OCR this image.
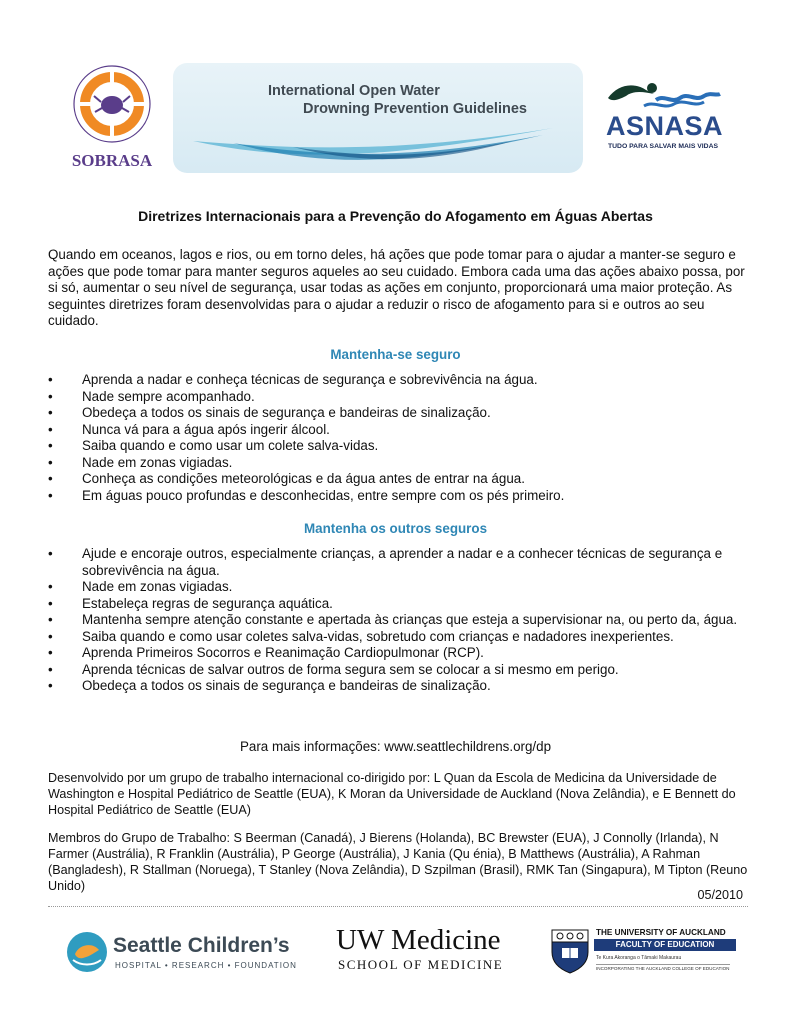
SOBRASA
International Open Water
Drowning Prevention Guidelines
ASNASA
TUDO PARA SALVAR MAIS VIDAS
Diretrizes Internacionais para a Prevenção do Afogamento em Águas Abertas

Quando em oceanos, lagos e rios, ou em torno deles, há ações que pode tomar para o ajudar a manter-se seguro e ações que pode tomar para manter seguros aqueles ao seu cuidado. Embora cada uma das ações abaixo possa, por si só, aumentar o seu nível de segurança, usar todas as ações em conjunto, proporcionará uma maior proteção. As seguintes diretrizes foram desenvolvidas para o ajudar a reduzir o risco de afogamento para si e outros ao seu cuidado.

Mantenha-se seguro
• Aprenda a nadar e conheça técnicas de segurança e sobrevivência na água.
• Nade sempre acompanhado.
• Obedeça a todos os sinais de segurança e bandeiras de sinalização.
• Nunca vá para a água após ingerir álcool.
• Saiba quando e como usar um colete salva-vidas.
• Nade em zonas vigiadas.
• Conheça as condições meteorológicas e da água antes de entrar na água.
• Em águas pouco profundas e desconhecidas, entre sempre com os pés primeiro.
Mantenha os outros seguros
• Ajude e encoraje outros, especialmente crianças, a aprender a nadar e a conhecer técnicas de segurança e sobrevivência na água.
• Nade em zonas vigiadas.
• Estabeleça regras de segurança aquática.
• Mantenha sempre atenção constante e apertada às crianças que esteja a supervisionar na, ou perto da, água.
• Saiba quando e como usar coletes salva-vidas, sobretudo com crianças e nadadores inexperientes.
• Aprenda Primeiros Socorros e Reanimação Cardiopulmonar (RCP).
• Aprenda técnicas de salvar outros de forma segura sem se colocar a si mesmo em perigo.
• Obedeça a todos os sinais de segurança e bandeiras de sinalização.

Para mais informações: www.seattlechildrens.org/dp

Desenvolvido por um grupo de trabalho internacional co-dirigido por: L Quan da Escola de Medicina da Universidade de Washington e Hospital Pediátrico de Seattle (EUA), K Moran da Universidade de Auckland (Nova Zelândia), e E Bennett do Hospital Pediátrico de Seattle (EUA)

Membros do Grupo de Trabalho: S Beerman (Canadá), J Bierens (Holanda), BC Brewster (EUA), J Connolly (Irlanda), N Farmer (Austrália), R Franklin (Austrália), P George (Austrália), J Kania (Qu énia), B Matthews (Austrália), A Rahman (Bangladesh), R Stallman (Noruega), T Stanley (Nova Zelândia), D Szpilman (Brasil), RMK Tan (Singapura), M Tipton (Reuno Unido)

05/2010
Seattle Children’s
HOSPITAL • RESEARCH • FOUNDATION
UW Medicine
SCHOOL OF MEDICINE
THE UNIVERSITY OF AUCKLAND
FACULTY OF EDUCATION
Te Kura Akoranga o Tāmaki Makaurau
INCORPORATING THE AUCKLAND COLLEGE OF EDUCATION
